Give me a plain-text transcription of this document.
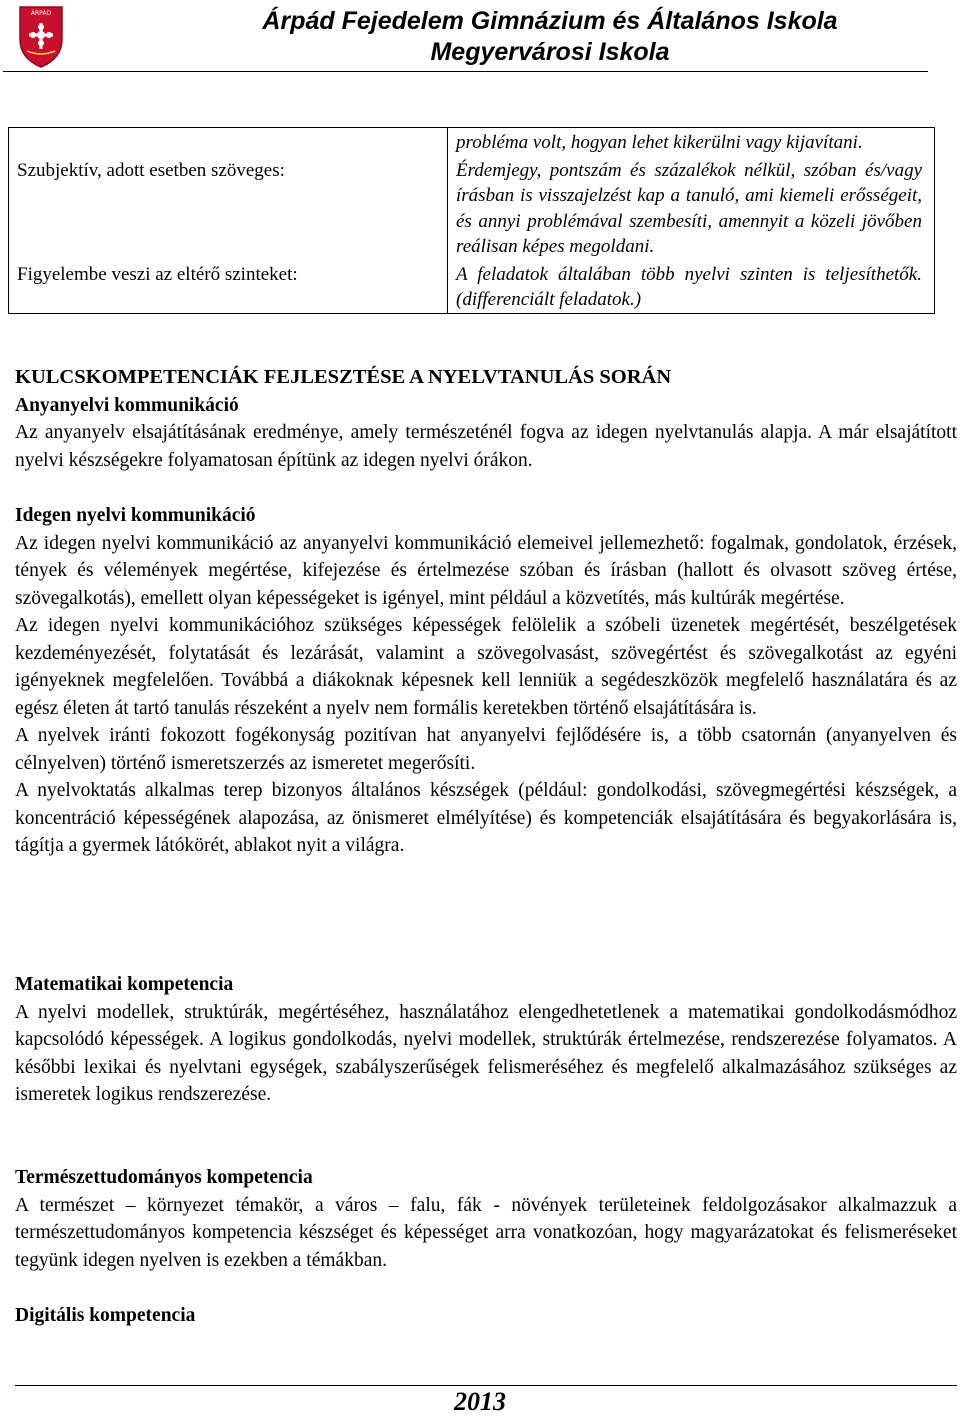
ÁRPÁD	Árpád Fejedelem Gimnázium és Általános Iskola
Megyervárosi Iskola
	probléma volt, hogyan lehet kikerülni vagy kijavítani.
Szubjektív, adott esetben szöveges:	Érdemjegy, pontszám és százalékok nélkül, szóban és/vagy írásban is visszajelzést kap a tanuló, ami kiemeli erősségeit, és annyi problémával szembesíti, amennyit a közeli jövőben reálisan képes megoldani.
Figyelembe veszi az eltérő szinteket:	A feladatok általában több nyelvi szinten is teljesíthetők. (differenciált feladatok.)

KULCSKOMPETENCIÁK FEJLESZTÉSE A NYELVTANULÁS SORÁN

Anyanyelvi kommunikáció

Az anyanyelv elsajátításának eredménye, amely természeténél fogva az idegen nyelvtanulás alapja. A már elsajátított nyelvi készségekre folyamatosan építünk az idegen nyelvi órákon.

Idegen nyelvi kommunikáció

Az idegen nyelvi kommunikáció az anyanyelvi kommunikáció elemeivel jellemezhető: fogalmak, gondolatok, érzések, tények és vélemények megértése, kifejezése és értelmezése szóban és írásban (hallott és olvasott szöveg értése, szövegalkotás), emellett olyan képességeket is igényel, mint például a közvetítés, más kultúrák megértése.

Az idegen nyelvi kommunikációhoz szükséges képességek felölelik a szóbeli üzenetek megértését, beszélgetések kezdeményezését, folytatását és lezárását, valamint a szövegolvasást, szövegértést és szövegalkotást az egyéni igényeknek megfelelően. Továbbá a diákoknak képesnek kell lenniük a segédeszközök megfelelő használatára és az egész életen át tartó tanulás részeként a nyelv nem formális keretekben történő elsajátítására is.

A nyelvek iránti fokozott fogékonyság pozitívan hat anyanyelvi fejlődésére is, a több csatornán (anyanyelven és célnyelven) történő ismeretszerzés az ismeretet megerősíti.

A nyelvoktatás alkalmas terep bizonyos általános készségek (például: gondolkodási, szövegmegértési készségek, a koncentráció képességének alapozása, az önismeret elmélyítése) és kompetenciák elsajátítására és begyakorlására is, tágítja a gyermek látókörét, ablakot nyit a világra.

Matematikai kompetencia

A nyelvi modellek, struktúrák, megértéséhez, használatához elengedhetetlenek a matematikai gondolkodásmódhoz kapcsolódó képességek. A logikus gondolkodás, nyelvi modellek, struktúrák értelmezése, rendszerezése folyamatos. A későbbi lexikai és nyelvtani egységek, szabályszerűségek felismeréséhez és megfelelő alkalmazásához szükséges az ismeretek logikus rendszerezése.

Természettudományos kompetencia

A természet – környezet témakör, a város – falu, fák - növények területeinek feldolgozásakor alkalmazzuk a természettudományos kompetencia készséget és képességet arra vonatkozóan, hogy magyarázatokat és felismeréseket tegyünk idegen nyelven is ezekben a témákban.

Digitális kompetencia

2013
